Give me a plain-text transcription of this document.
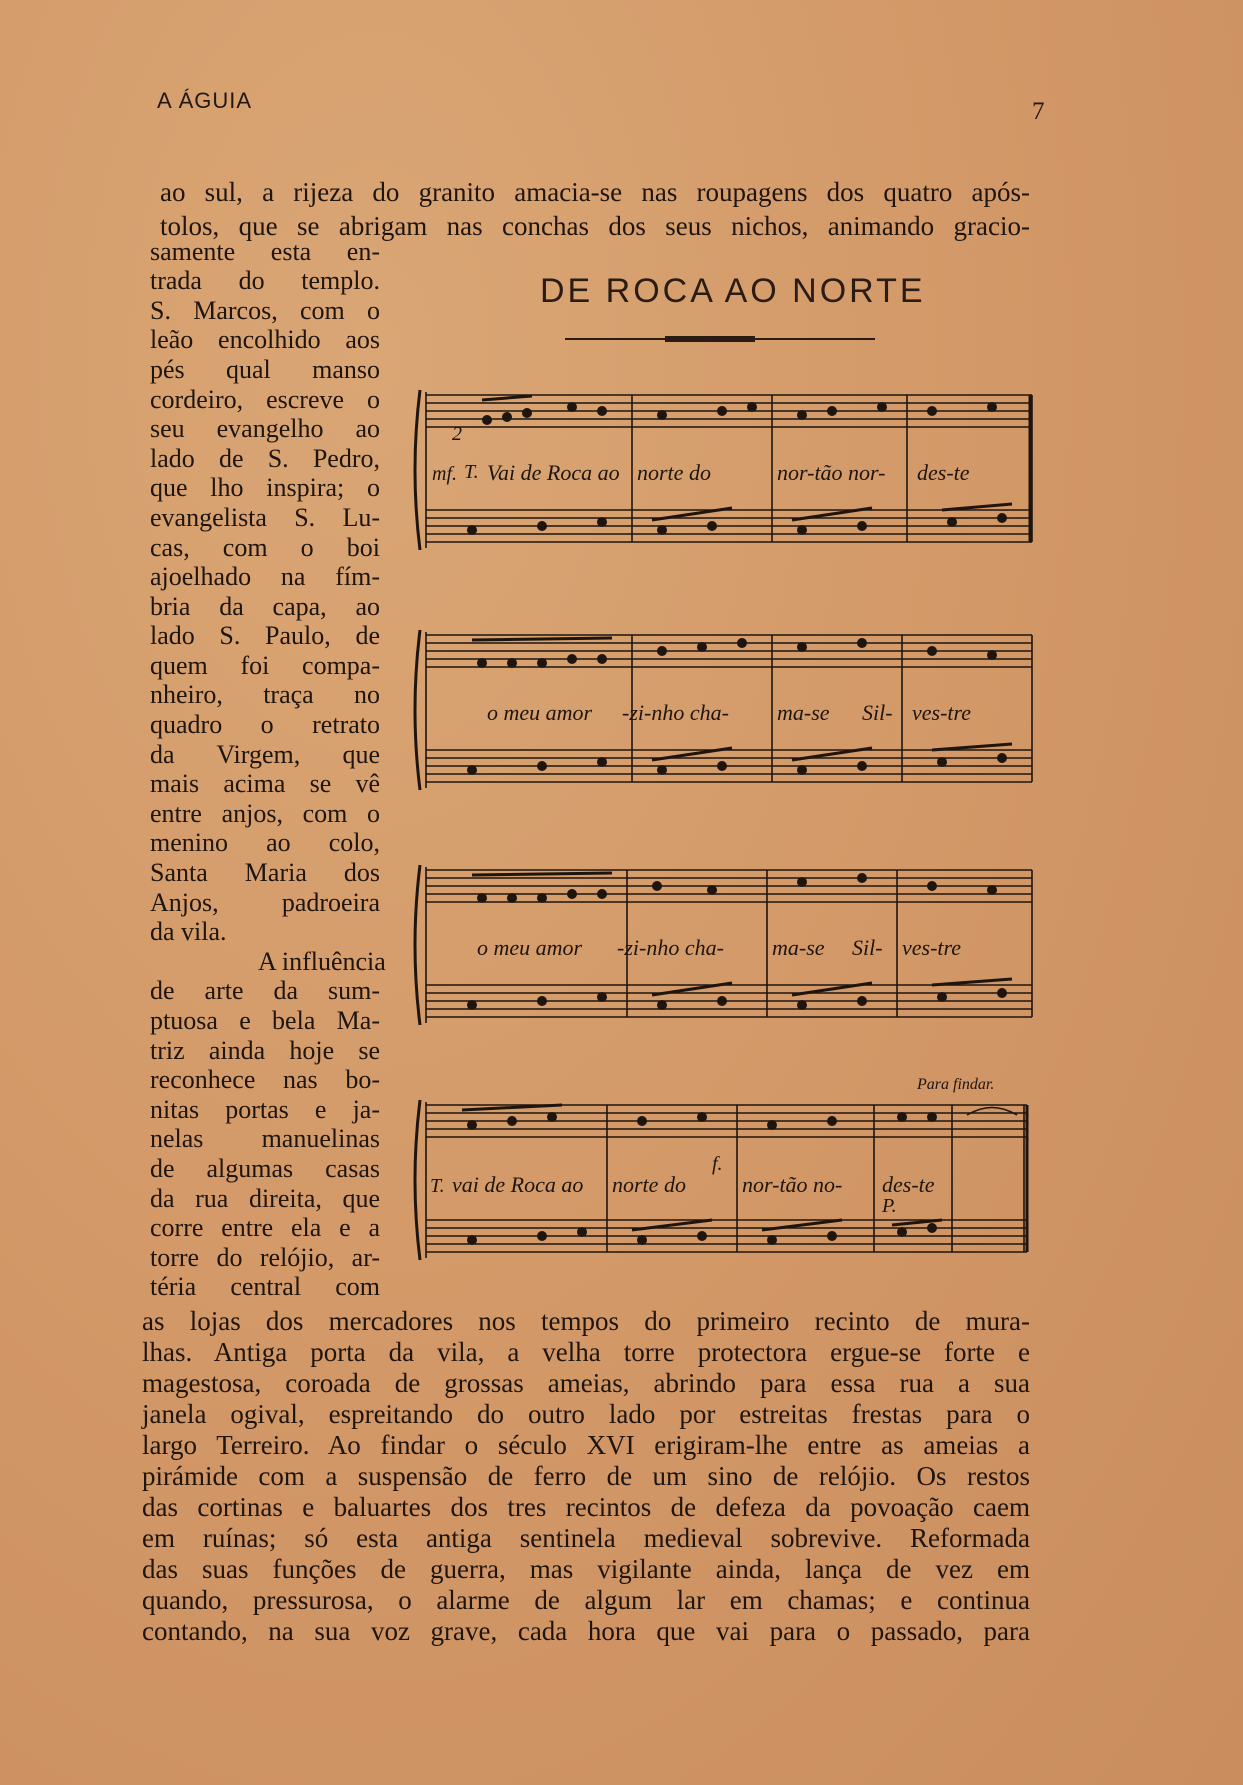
A ÁGUIA	7
ao sul, a rijeza do granito amacia-se nas roupagens dos quatro após-
tolos, que se abrigam nas conchas dos seus nichos, animando gracio-
samente esta en-
trada do templo.
S. Marcos, com o
leão encolhido aos
pés qual manso
cordeiro, escreve o
seu evangelho ao
lado de S. Pedro,
que lho inspira; o
evangelista S. Lu-
cas, com o boi
ajoelhado na fím-
bria da capa, ao
lado S. Paulo, de
quem foi compa-
nheiro, traça no
quadro o retrato
da Virgem, que
mais acima se vê
entre anjos, com o
menino ao colo,
Santa Maria dos
Anjos, padroeira
da vila.
A influência
de arte da sum-
ptuosa e bela Ma-
triz ainda hoje se
reconhece nas bo-
nitas portas e ja-
nelas manuelinas
de algumas casas
da rua direita, que
corre entre ela e a
torre do relójio, ar-
téria central com
as lojas dos mercadores nos tempos do primeiro recinto de mura-
lhas. Antiga porta da vila, a velha torre protectora ergue-se forte e
magestosa, coroada de grossas ameias, abrindo para essa rua a sua
janela ogival, espreitando do outro lado por estreitas frestas para o
largo Terreiro. Ao findar o século XVI erigiram-lhe entre as ameias a
pirámide com a suspensão de ferro de um sino de relójio. Os restos
das cortinas e baluartes dos tres recintos de defeza da povoação caem
em ruínas; só esta antiga sentinela medieval sobrevive. Reformada
das suas funções de guerra, mas vigilante ainda, lança de vez em
quando, pressurosa, o alarme de algum lar em chamas; e continua
contando, na sua voz grave, cada hora que vai para o passado, para
DE ROCA AO NORTE
mf.
2
T. Vai de Roca ao norte do	nor-tão nor- des-te
o meu amor -zi-nho cha- ma-se Sil- ves-tre
o meu amor -zi-nho cha- ma-se Sil- ves-tre
T.
f.
P.
Para findar.
vai de Roca ao norte do	nor-tão no- des-te
